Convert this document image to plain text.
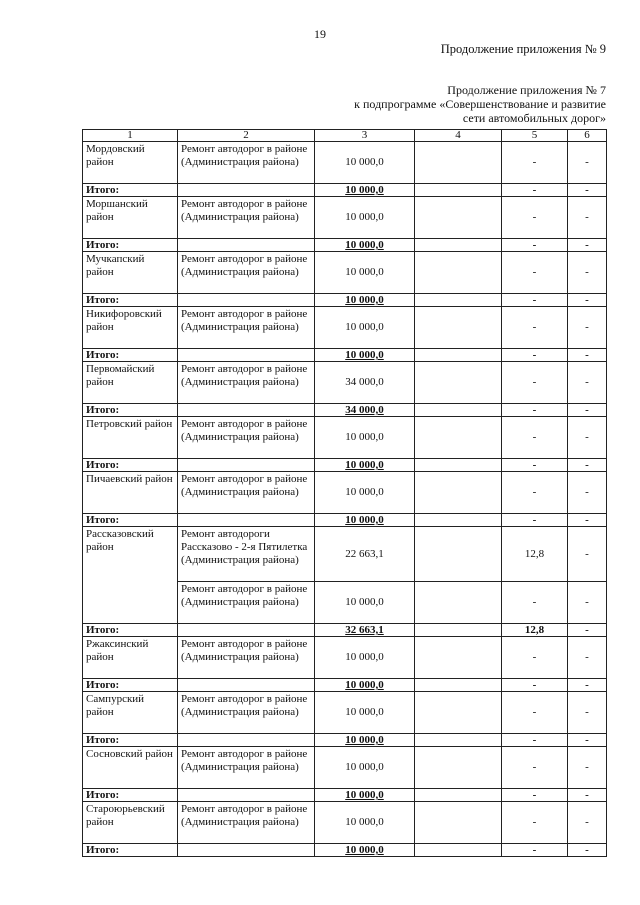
19
Продолжение приложения № 9
Продолжение приложения № 7
к подпрограмме «Совершенствование и развитие
сети автомобильных дорог»
1	2	3	4	5	6
Мордовский район	Ремонт автодорог в районе (Администрация района)	10 000,0		-	-
Итого:		10 000,0		-	-
Моршанский район	Ремонт автодорог в районе (Администрация района)	10 000,0		-	-
Итого:		10 000,0		-	-
Мучкапский район	Ремонт автодорог в районе (Администрация района)	10 000,0		-	-
Итого:		10 000,0		-	-
Никифоровский район	Ремонт автодорог в районе (Администрация района)	10 000,0		-	-
Итого:		10 000,0		-	-
Первомайский район	Ремонт автодорог в районе (Администрация района)	34 000,0		-	-
Итого:		34 000,0		-	-
Петровский район	Ремонт автодорог в районе (Администрация района)	10 000,0		-	-
Итого:		10 000,0		-	-
Пичаевский район	Ремонт автодорог в районе (Администрация района)	10 000,0		-	-
Итого:		10 000,0		-	-
Рассказовский район	Ремонт автодороги Рассказово - 2-я Пятилетка (Администрация района)	22 663,1		12,8	-
	Ремонт автодорог в районе (Администрация района)	10 000,0		-	-
Итого:		32 663,1		12,8	-
Ржаксинский район	Ремонт автодорог в районе (Администрация района)	10 000,0		-	-
Итого:		10 000,0		-	-
Сампурский район	Ремонт автодорог в районе (Администрация района)	10 000,0		-	-
Итого:		10 000,0		-	-
Сосновский район	Ремонт автодорог в районе (Администрация района)	10 000,0		-	-
Итого:		10 000,0		-	-
Староюрьевский район	Ремонт автодорог в районе (Администрация района)	10 000,0		-	-
Итого:		10 000,0		-	-
